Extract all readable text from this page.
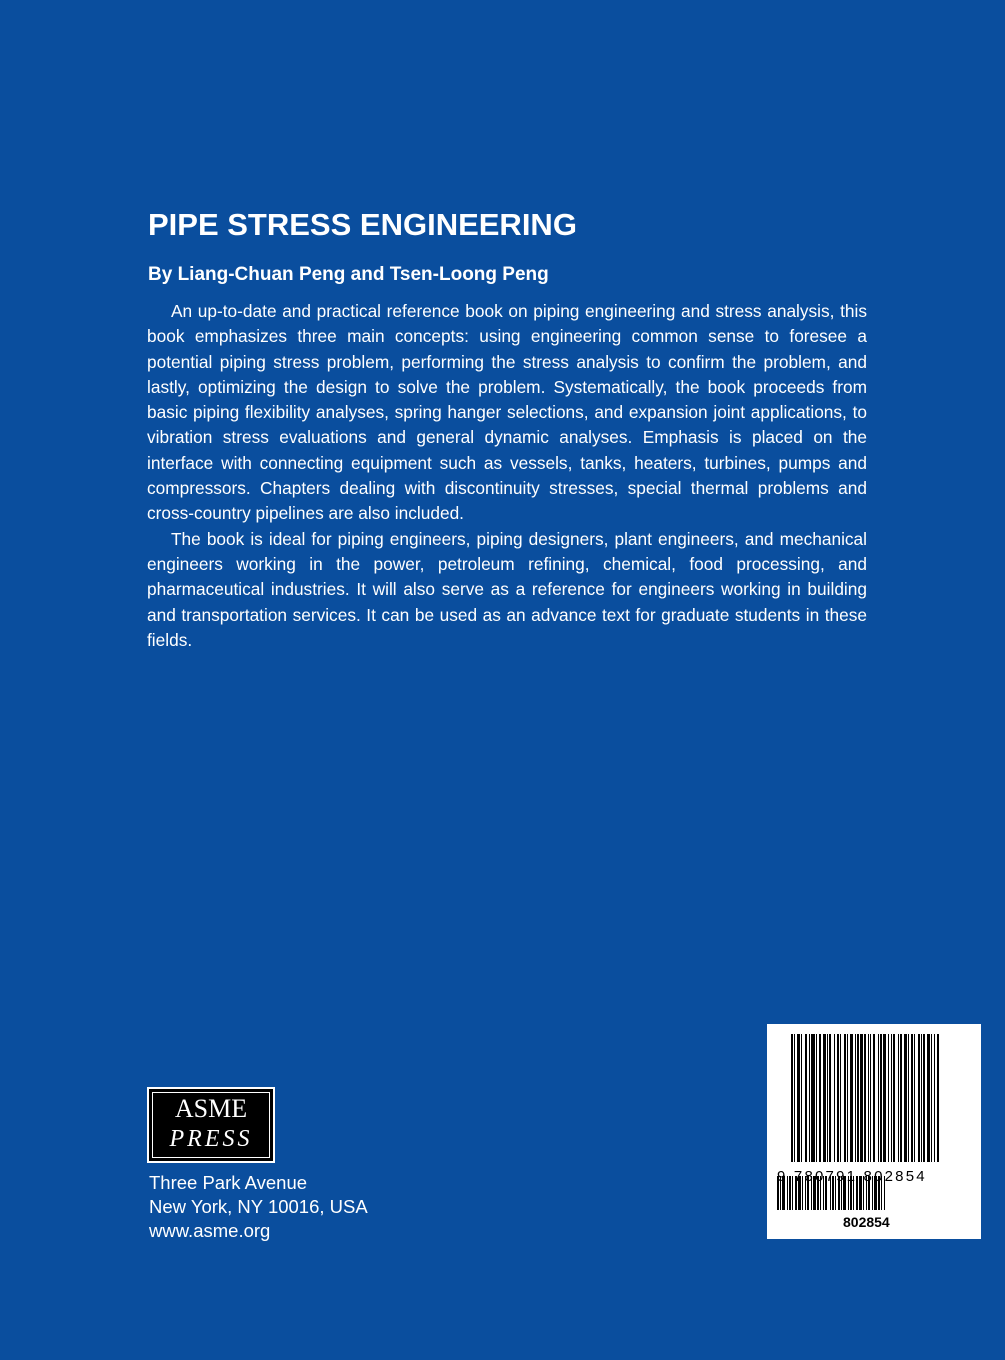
PIPE STRESS ENGINEERING
By Liang-Chuan Peng and Tsen-Loong Peng

An up-to-date and practical reference book on piping engineering and stress analysis, this book emphasizes three main concepts: using engineering common sense to foresee a potential piping stress problem, performing the stress analysis to confirm the problem, and lastly, optimizing the design to solve the problem. Systematically, the book proceeds from basic piping flexibility analyses, spring hanger selections, and expansion joint applications, to vibration stress evaluations and general dynamic analyses. Emphasis is placed on the interface with connecting equipment such as vessels, tanks, heaters, turbines, pumps and compressors. Chapters dealing with discontinuity stresses, special thermal problems and cross-country pipelines are also included.

The book is ideal for piping engineers, piping designers, plant engineers, and mechanical engineers working in the power, petroleum refining, chemical, food processing, and pharmaceutical industries. It will also serve as a reference for engineers working in building and transportation services. It can be used as an advance text for graduate students in these fields.

ASME
PRESS
Three Park Avenue
New York, NY 10016, USA
www.asme.org
9 780791 802854
802854
